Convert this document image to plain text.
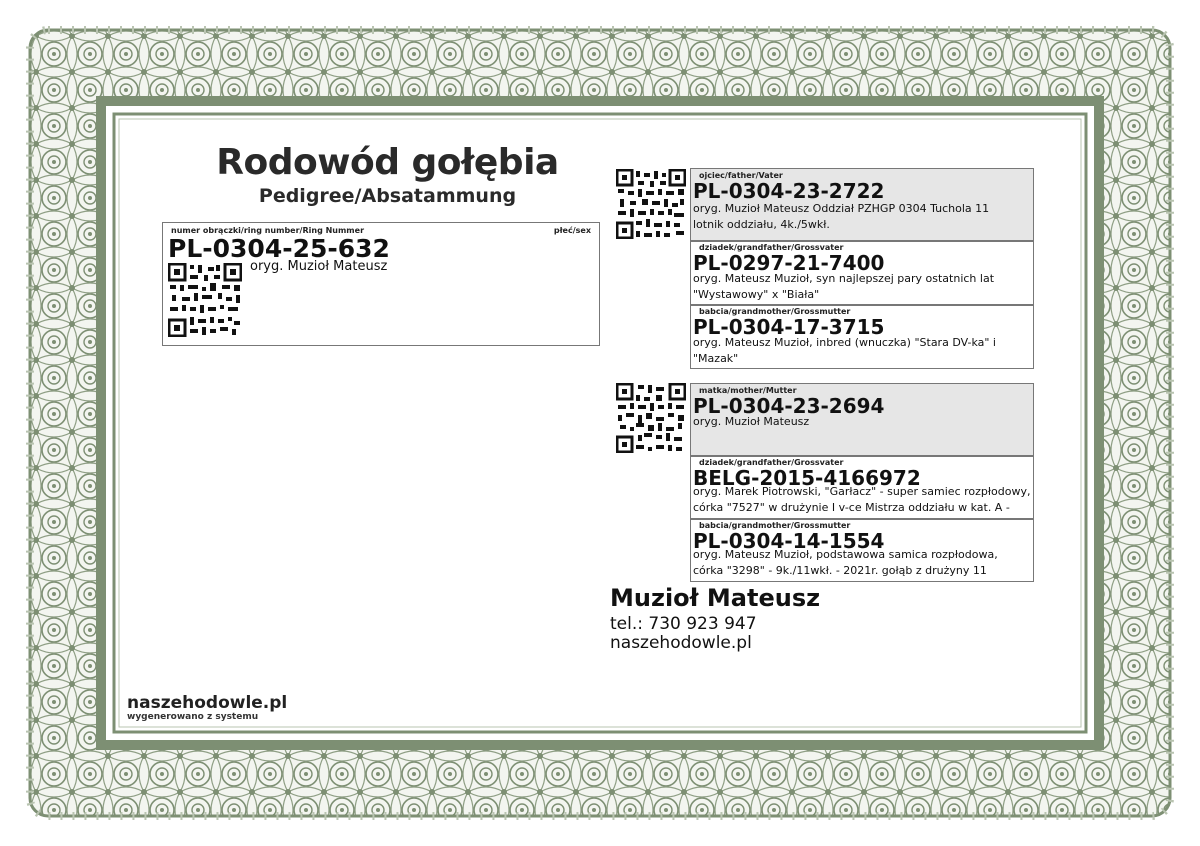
Rodowód gołębia
Pedigree/Absatammung
numer obrączki/ring number/Ring Nummer	płeć/sex
PL-0304-25-632
oryg. Muzioł Mateusz
ojciec/father/Vater
PL-0304-23-2722
oryg. Muzioł Mateusz Oddział PZHGP 0304 Tuchola 11 lotnik oddziału, 4k./5wkł.
dziadek/grandfather/Grossvater
PL-0297-21-7400
oryg. Mateusz Muzioł, syn najlepszej pary ostatnich lat "Wystawowy" x "Biała"
babcia/grandmother/Grossmutter
PL-0304-17-3715
oryg. Mateusz Muzioł, inbred (wnuczka) "Stara DV-ka" i "Mazak"
matka/mother/Mutter
PL-0304-23-2694
oryg. Muzioł Mateusz
dziadek/grandfather/Grossvater
BELG-2015-4166972
oryg. Marek Piotrowski, "Garłacz" - super samiec rozpłodowy, córka "7527" w drużynie I v-ce Mistrza oddziału w kat. A -
babcia/grandmother/Grossmutter
PL-0304-14-1554
oryg. Mateusz Muzioł, podstawowa samica rozpłodowa, córka "3298" - 9k./11wkł. - 2021r. gołąb z drużyny 11
Muzioł Mateusz
tel.: 730 923 947
naszehodowle.pl
naszehodowle.pl
wygenerowano z systemu
